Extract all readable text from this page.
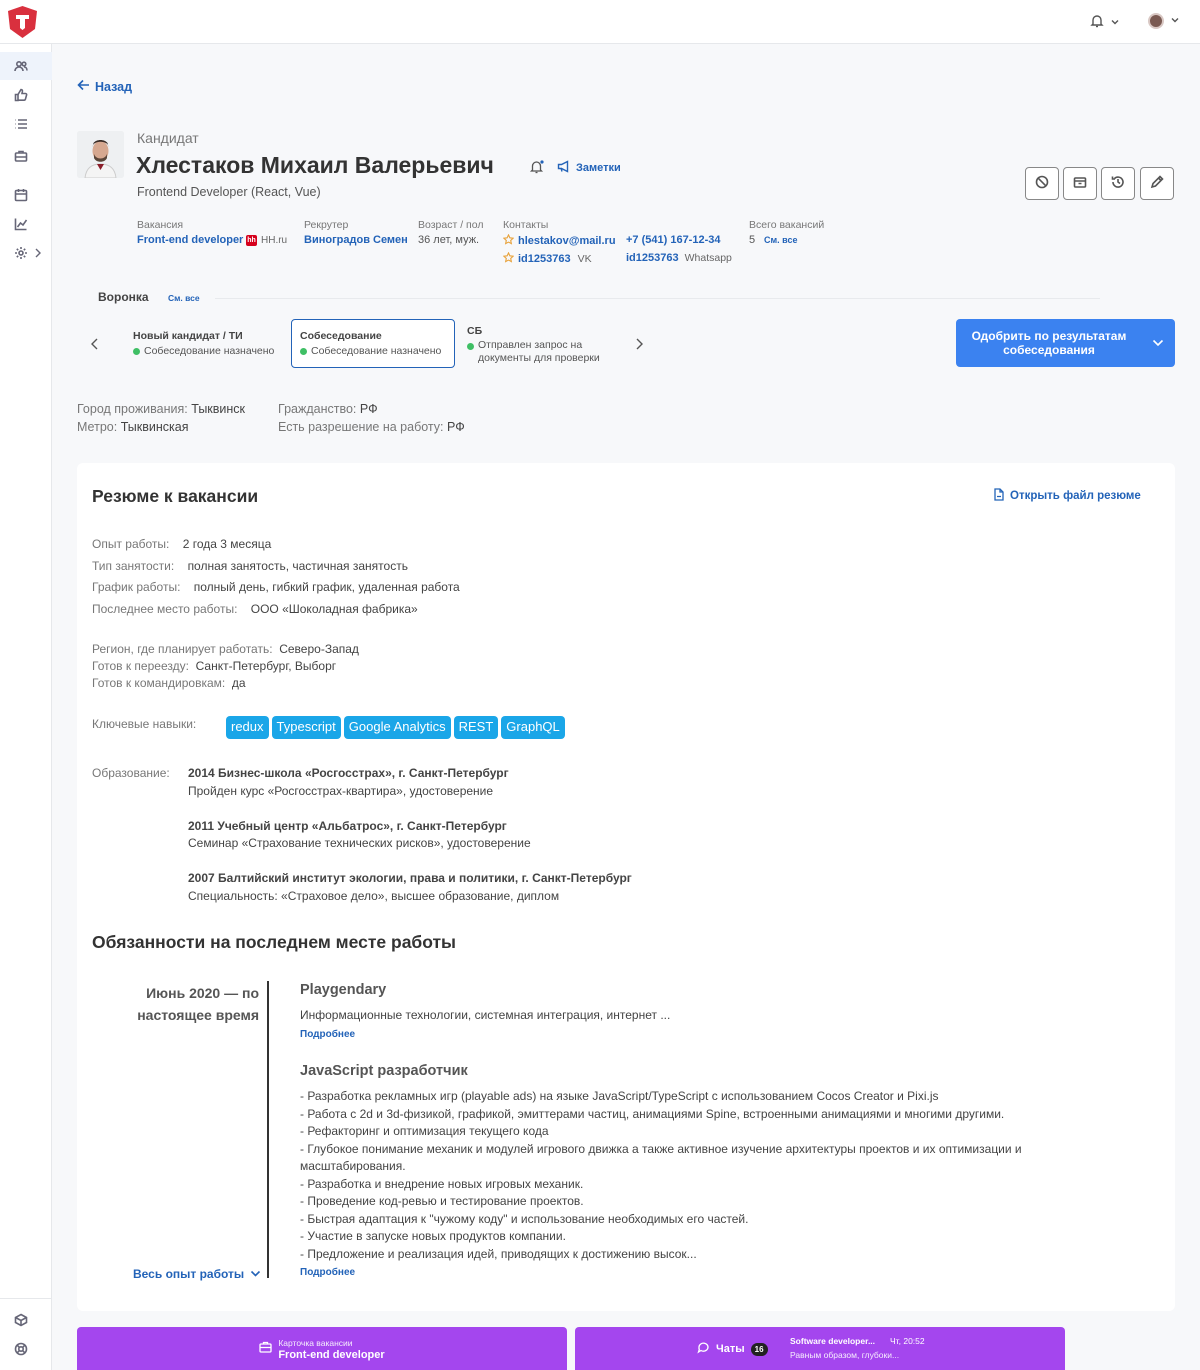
Назад
Кандидат
Хлестаков Михаил Валерьевич
Frontend Developer (React, Vue)
Заметки
Вакансия
Front-end developer hh HH.ru
Рекрутер
Виноградов Семен
Возраст / пол
36 лет, муж.
Контакты
hlestakov@mail.ru +7 (541) 167-12-34
id1253763 VK	id1253763 Whatsapp
Всего вакансий
5 См. все
Воронка См. все
Новый кандидат / ТИ
Собеседование назначено
Собеседование
Собеседование назначено
СБ
Отправлен запрос на документы для проверки
Одобрить по результатам собеседования
Город проживания: Тыквинск
Метро: Тыквинская
Гражданство: РФ
Есть разрешение на работу: РФ
Резюме к вакансии	Открыть файл резюме
Опыт работы: 2 года 3 месяца
Тип занятости: полная занятость, частичная занятость
График работы: полный день, гибкий график, удаленная работа
Последнее место работы: ООО «Шоколадная фабрика»
Регион, где планирует работать: Северо-Запад
Готов к переезду: Санкт-Петербург, Выборг
Готов к командировкам: да
Ключевые навыки:	redux	Typescript	Google Analytics	REST	GraphQL
Образование: 2014 Бизнес-школа «Росгосстрах», г. Санкт-Петербург
Пройден курс «Росгосстрах-квартира», удостоверение
2011 Учебный центр «Альбатрос», г. Санкт-Петербург
Семинар «Страхование технических рисков», удостоверение
2007 Балтийский институт экологии, права и политики, г. Санкт-Петербург
Специальность: «Страховое дело», высшее образование, диплом
Обязанности на последнем месте работы
Июнь 2020 — по настоящее время
Playgendary
Информационные технологии, системная интеграция, интернет ...
Подробнее
JavaScript разработчик
- Разработка рекламных игр (playable ads) на языке JavaScript/TypeScript с использованием Cocos Creator и Pixi.js
- Работа с 2d и 3d-физикой, графикой, эмиттерами частиц, анимациями Spine, встроенными анимациями и многими другими.
- Рефакторинг и оптимизация текущего кода
- Глубокое понимание механик и модулей игрового движка а также активное изучение архитектуры проектов и их оптимизации и масштабирования.
- Разработка и внедрение новых игровых механик.
- Проведение код-ревью и тестирование проектов.
- Быстрая адаптация к "чужому коду" и использование необходимых его частей.
- Участие в запуске новых продуктов компании.
- Предложение и реализация идей, приводящих к достижению высок...
Подробнее
Весь опыт работы
Карточка вакансии
Front-end developer	Чаты	16
Software developer... Чт, 20:52
Равным образом, глубоки...
